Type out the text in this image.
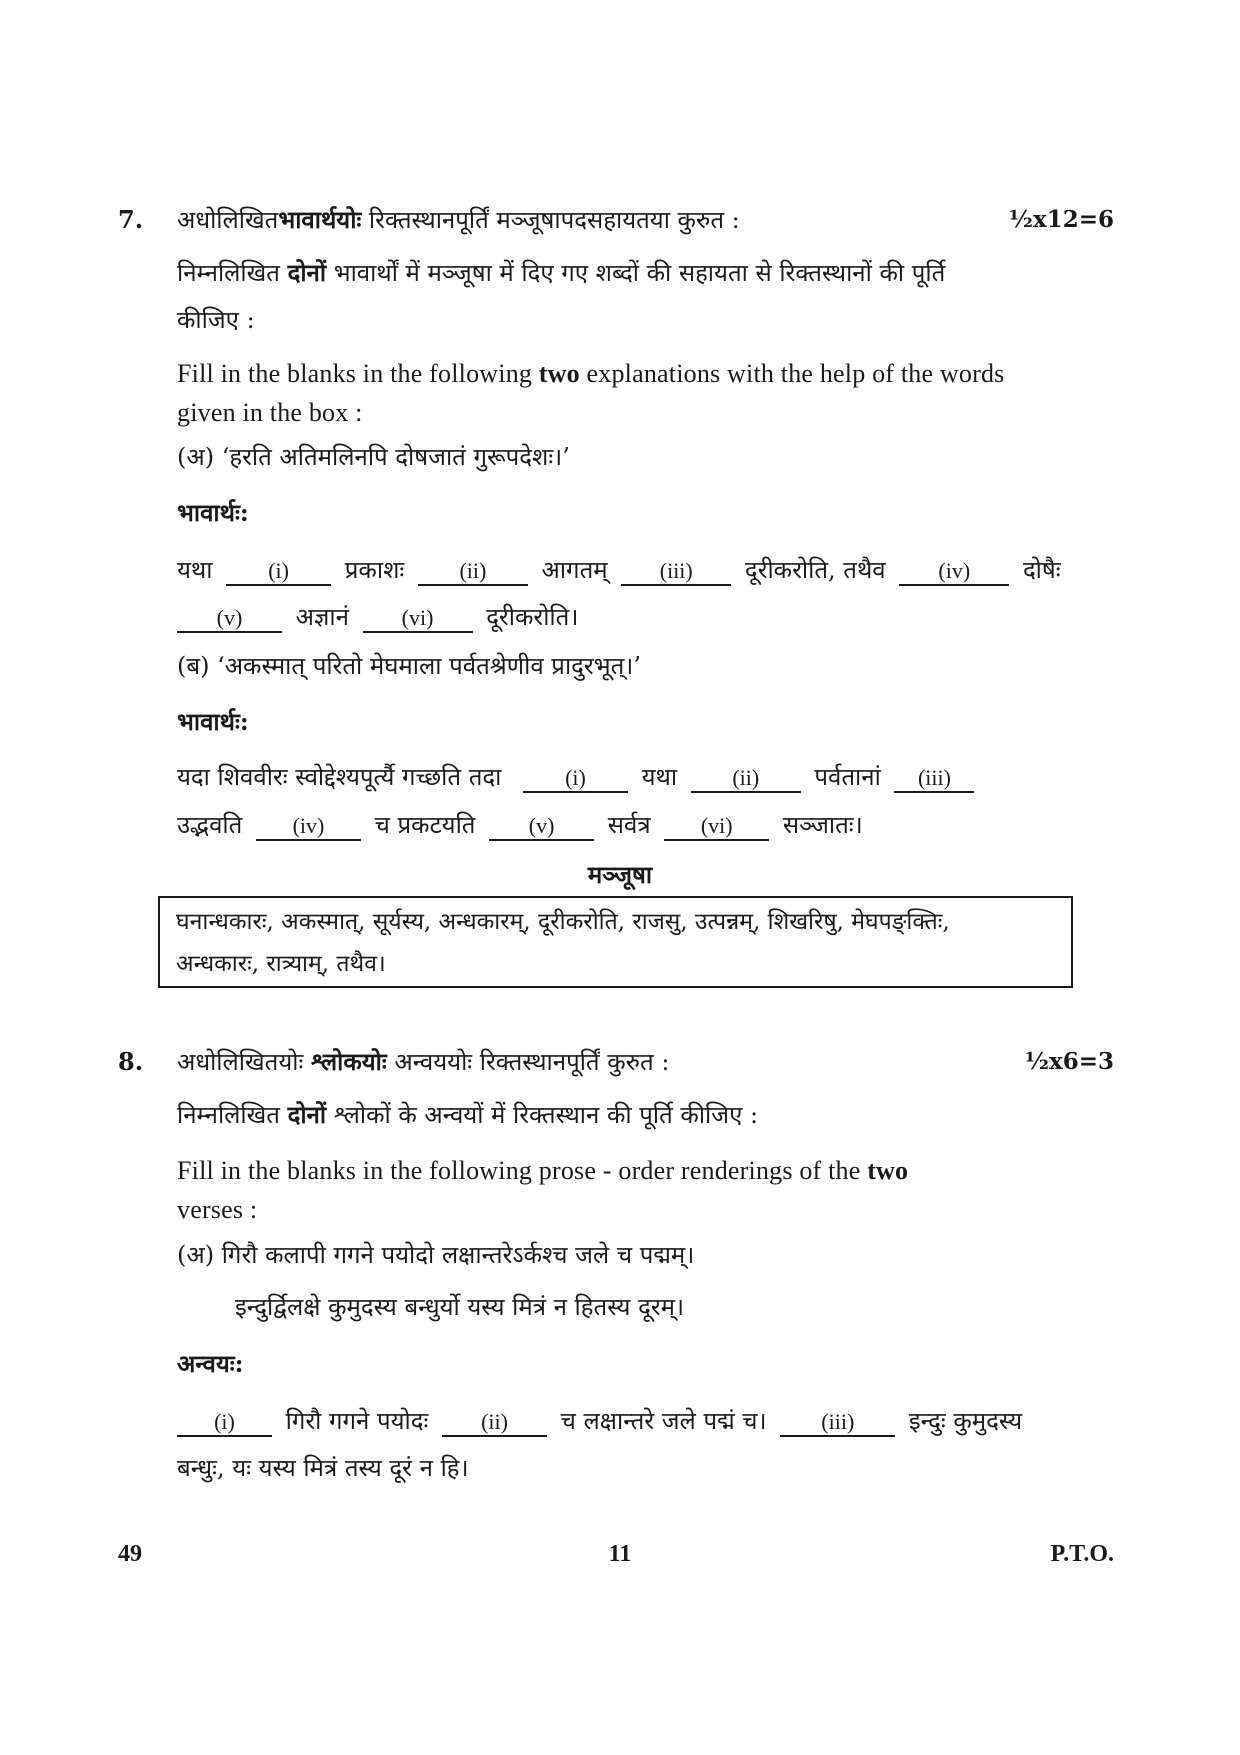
7. अधोलिखितभावार्थयोः रिक्तस्थानपूर्तिं मञ्जूषापदसहायतया कुरुत :	½x12=6
निम्नलिखित दोनों भावार्थों में मञ्जूषा में दिए गए शब्दों की सहायता से रिक्तस्थानों की पूर्ति
कीजिए :
Fill in the blanks in the following two explanations with the help of the words
given in the box :
(अ) ‘हरति अतिमलिनपि दोषजातं गुरूपदेशः।’
भावार्थः:
यथा	(i) प्रकाशः	(ii) आगतम् (iii) दूरीकरोति, तथैव (iv) दोषैः
(v) अज्ञानं (vi) दूरीकरोति।
(ब) ‘अकस्मात् परितो मेघमाला पर्वतश्रेणीव प्रादुरभूत्।’
भावार्थः:
यदा शिववीरः स्वोद्देश्यपूर्त्यै गच्छति तदा	(i) यथा	(ii) पर्वतानां (iii)
उद्भवति (iv) च प्रकटयति (v) सर्वत्र (vi) सञ्जातः।
मञ्जूषा
घनान्धकारः, अकस्मात्, सूर्यस्य, अन्धकारम्, दूरीकरोति, राजसु, उत्पन्नम्, शिखरिषु, मेघपङ्क्तिः,
अन्धकारः, रात्र्याम्, तथैव।
8. अधोलिखितयोः श्लोकयोः अन्वययोः रिक्तस्थानपूर्तिं कुरुत :	½x6=3
निम्नलिखित दोनों श्लोकों के अन्वयों में रिक्तस्थान की पूर्ति कीजिए :
Fill in the blanks in the following prose - order renderings of the two
verses :
(अ) गिरौ कलापी गगने पयोदो लक्षान्तरेऽर्कश्च जले च पद्मम्।
इन्दुर्द्विलक्षे कुमुदस्य बन्धुर्यो यस्य मित्रं न हितस्य दूरम्।
अन्वयः:
(i) गिरौ गगने पयोदः (ii) च लक्षान्तरे जले पद्मं च। (iii) इन्दुः कुमुदस्य
बन्धुः, यः यस्य मित्रं तस्य दूरं न हि।
49	11	P.T.O.
